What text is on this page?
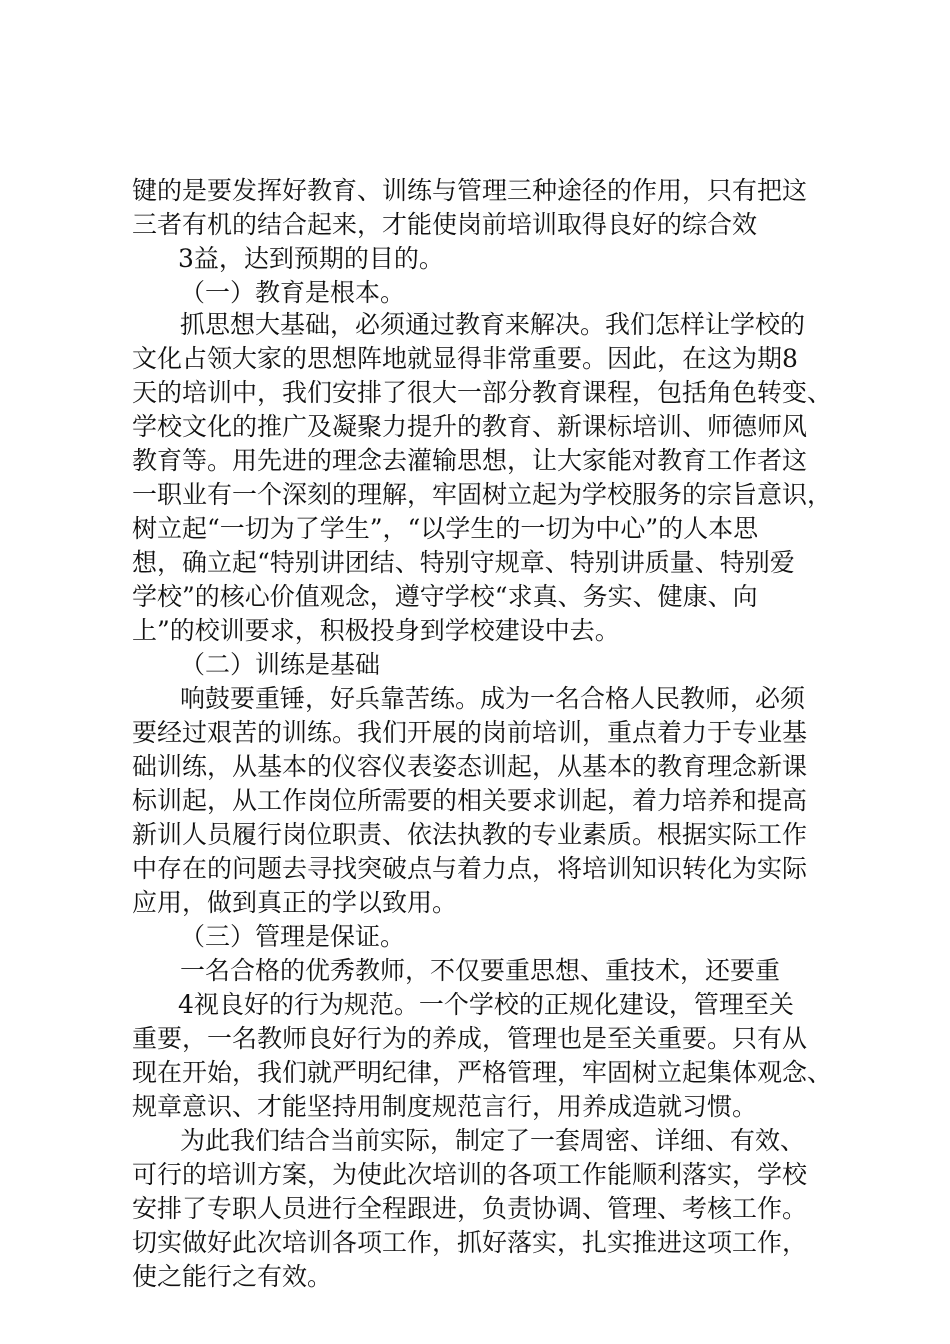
键的是要发挥好教育、训练与管理三种途径的作用，只有把这
三者有机的结合起来，才能使岗前培训取得良好的综合效
3益，达到预期的目的。
（一）教育是根本。
抓思想大基础，必须通过教育来解决。我们怎样让学校的
文化占领大家的思想阵地就显得非常重要。因此，在这为期8
天的培训中，我们安排了很大一部分教育课程，包括角色转变、
学校文化的推广及凝聚力提升的教育、新课标培训、师德师风
教育等。用先进的理念去灌输思想，让大家能对教育工作者这
一职业有一个深刻的理解，牢固树立起为学校服务的宗旨意识，
树立起“一切为了学生”，“以学生的一切为中心”的人本思
想，确立起“特别讲团结、特别守规章、特别讲质量、特别爱
学校”的核心价值观念，遵守学校“求真、务实、健康、向
上”的校训要求，积极投身到学校建设中去。
（二）训练是基础
响鼓要重锤，好兵靠苦练。成为一名合格人民教师，必须
要经过艰苦的训练。我们开展的岗前培训，重点着力于专业基
础训练，从基本的仪容仪表姿态训起，从基本的教育理念新课
标训起，从工作岗位所需要的相关要求训起，着力培养和提高
新训人员履行岗位职责、依法执教的专业素质。根据实际工作
中存在的问题去寻找突破点与着力点，将培训知识转化为实际
应用，做到真正的学以致用。
（三）管理是保证。
一名合格的优秀教师，不仅要重思想、重技术，还要重
4视良好的行为规范。一个学校的正规化建设，管理至关
重要，一名教师良好行为的养成，管理也是至关重要。只有从
现在开始，我们就严明纪律，严格管理，牢固树立起集体观念、
规章意识、才能坚持用制度规范言行，用养成造就习惯。
为此我们结合当前实际，制定了一套周密、详细、有效、
可行的培训方案，为使此次培训的各项工作能顺利落实，学校
安排了专职人员进行全程跟进，负责协调、管理、考核工作。
切实做好此次培训各项工作，抓好落实，扎实推进这项工作，
使之能行之有效。
